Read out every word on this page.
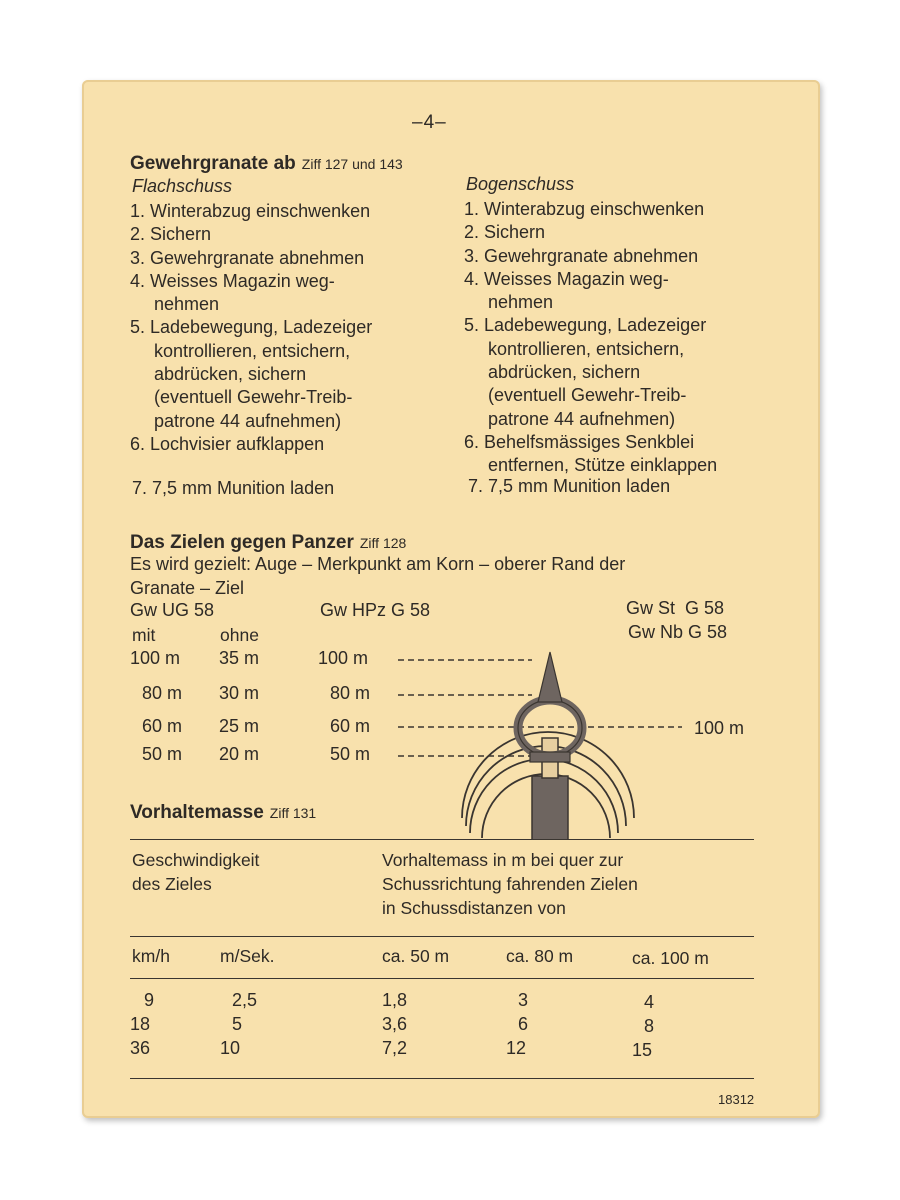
–4–
Gewehrgranate ab Ziff 127 und 143
Flachschuss
1. Winterabzug einschwenken
2. Sichern
3. Gewehrgranate abnehmen
4. Weisses Magazin weg-
nehmen
5. Ladebewegung, Ladezeiger
kontrollieren, entsichern,
abdrücken, sichern
(eventuell Gewehr-Treib-
patrone 44 aufnehmen)
6. Lochvisier aufklappen
7. 7,5 mm Munition laden
Bogenschuss
1. Winterabzug einschwenken
2. Sichern
3. Gewehrgranate abnehmen
4. Weisses Magazin weg-
nehmen
5. Ladebewegung, Ladezeiger
kontrollieren, entsichern,
abdrücken, sichern
(eventuell Gewehr-Treib-
patrone 44 aufnehmen)
6. Behelfsmässiges Senkblei
entfernen, Stütze einklappen
7. 7,5 mm Munition laden
Das Zielen gegen Panzer Ziff 128
Es wird gezielt: Auge – Merkpunkt am Korn – oberer Rand der
Granate – Ziel
Gw UG 58	Gw HPz G 58	Gw St  G 58
Gw Nb G 58
mit	ohne
100 m 35 m	100 m
80 m 30 m	80 m
60 m 25 m	60 m
50 m 20 m	50 m
100 m
Vorhaltemasse Ziff 131
Geschwindigkeit
des Zieles
Vorhaltemass in m bei quer zur
Schussrichtung fahrenden Zielen
in Schussdistanzen von
km/h	m/Sek.	ca. 50 m	ca. 80 m	ca. 100 m
9	2,5	1,8	3	4
18	5	3,6	6	8
36	10	7,2	12	15
18312
